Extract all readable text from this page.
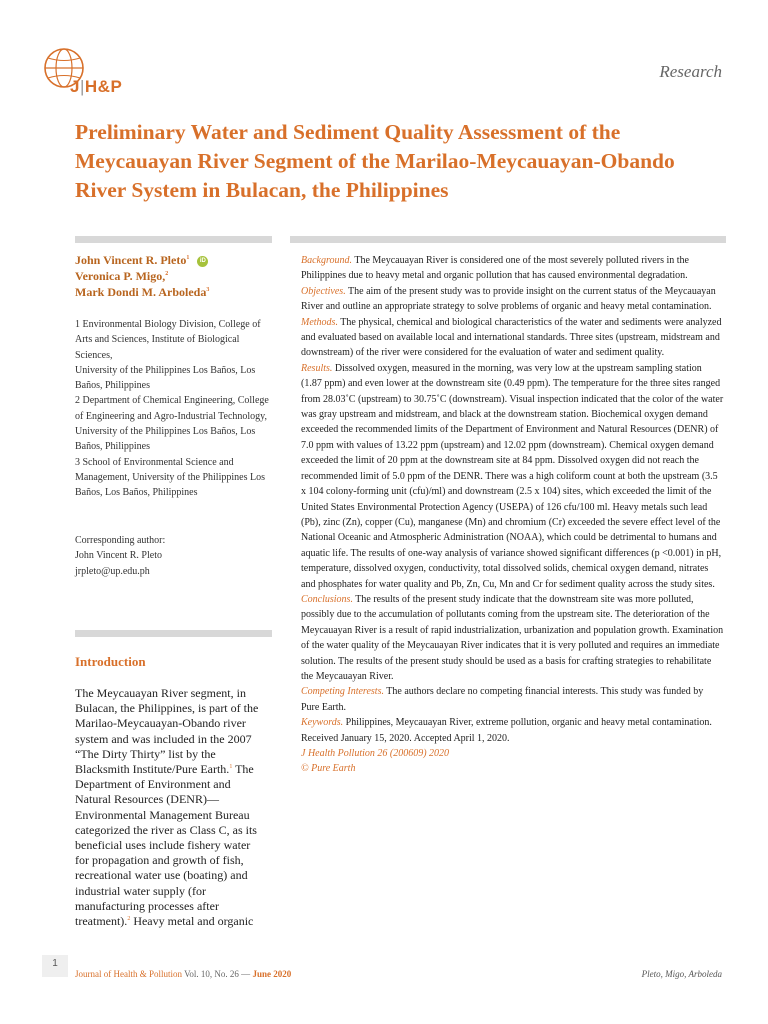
J|H&P
Research
Preliminary Water and Sediment Quality Assessment of the Meycauayan River Segment of the Marilao-Meycauayan-Obando River System in Bulacan, the Philippines
John Vincent R. Pleto$^1$ iD
Veronica P. Migo,$^2$
Mark Dondi M. Arboleda$^3$
1 Environmental Biology Division, College of Arts and Sciences, Institute of Biological Sciences,
University of the Philippines Los Baños, Los Baños, Philippines
2 Department of Chemical Engineering, College of Engineering and Agro-Industrial Technology, University of the Philippines Los Baños, Los Baños, Philippines
3 School of Environmental Science and Management, University of the Philippines Los Baños, Los Baños, Philippines
Corresponding author:
John Vincent R. Pleto
jrpleto@up.edu.ph
Introduction
The Meycauayan River segment, in Bulacan, the Philippines, is part of the Marilao-Meycauayan-Obando river system and was included in the 2007 “The Dirty Thirty” list by the Blacksmith Institute/Pure Earth.$^1$ The Department of Environment and Natural Resources (DENR)—Environmental Management Bureau categorized the river as Class C, as its beneficial uses include fishery water for propagation and growth of fish, recreational water use (boating) and industrial water supply (for manufacturing processes after treatment).$^2$ Heavy metal and organic

Background. The Meycauayan River is considered one of the most severely polluted rivers in the Philippines due to heavy metal and organic pollution that has caused environmental degradation.

Objectives. The aim of the present study was to provide insight on the current status of the Meycauayan River and outline an appropriate strategy to solve problems of organic and heavy metal contamination.

Methods. The physical, chemical and biological characteristics of the water and sediments were analyzed and evaluated based on available local and international standards. Three sites (upstream, midstream and downstream) of the river were considered for the evaluation of water and sediment quality.

Results. Dissolved oxygen, measured in the morning, was very low at the upstream sampling station (1.87 ppm) and even lower at the downstream site (0.49 ppm). The temperature for the three sites ranged from 28.03˚C (upstream) to 30.75˚C (downstream). Visual inspection indicated that the color of the water was gray upstream and midstream, and black at the downstream station. Biochemical oxygen demand exceeded the recommended limits of the Department of Environment and Natural Resources (DENR) of 7.0 ppm with values of 13.22 ppm (upstream) and 12.02 ppm (downstream). Chemical oxygen demand exceeded the limit of 20 ppm at the downstream site at 84 ppm. Dissolved oxygen did not reach the recommended limit of 5.0 ppm of the DENR. There was a high coliform count at both the upstream (3.5 x 104 colony-forming unit (cfu)/ml) and downstream (2.5 x 104) sites, which exceeded the limit of the United States Environmental Protection Agency (USEPA) of 126 cfu/100 ml. Heavy metals such lead (Pb), zinc (Zn), copper (Cu), manganese (Mn) and chromium (Cr) exceeded the severe effect level of the National Oceanic and Atmospheric Administration (NOAA), which could be detrimental to humans and aquatic life. The results of one-way analysis of variance showed significant differences (p <0.001) in pH, temperature, dissolved oxygen, conductivity, total dissolved solids, chemical oxygen demand, nitrates and phosphates for water quality and Pb, Zn, Cu, Mn and Cr for sediment quality across the study sites.

Conclusions. The results of the present study indicate that the downstream site was more polluted, possibly due to the accumulation of pollutants coming from the upstream site. The deterioration of the Meycauayan River is a result of rapid industrialization, urbanization and population growth. Examination of the water quality of the Meycauayan River indicates that it is very polluted and requires an immediate solution. The results of the present study should be used as a basis for crafting strategies to rehabilitate the Meycauayan River.

Competing Interests. The authors declare no competing financial interests. This study was funded by Pure Earth.

Keywords. Philippines, Meycauayan River, extreme pollution, organic and heavy metal contamination.

Received January 15, 2020. Accepted April 1, 2020.

J Health Pollution 26 (200609) 2020

© Pure Earth

1
Journal of Health & Pollution Vol. 10, No. 26 — June 2020	Pleto, Migo, Arboleda
